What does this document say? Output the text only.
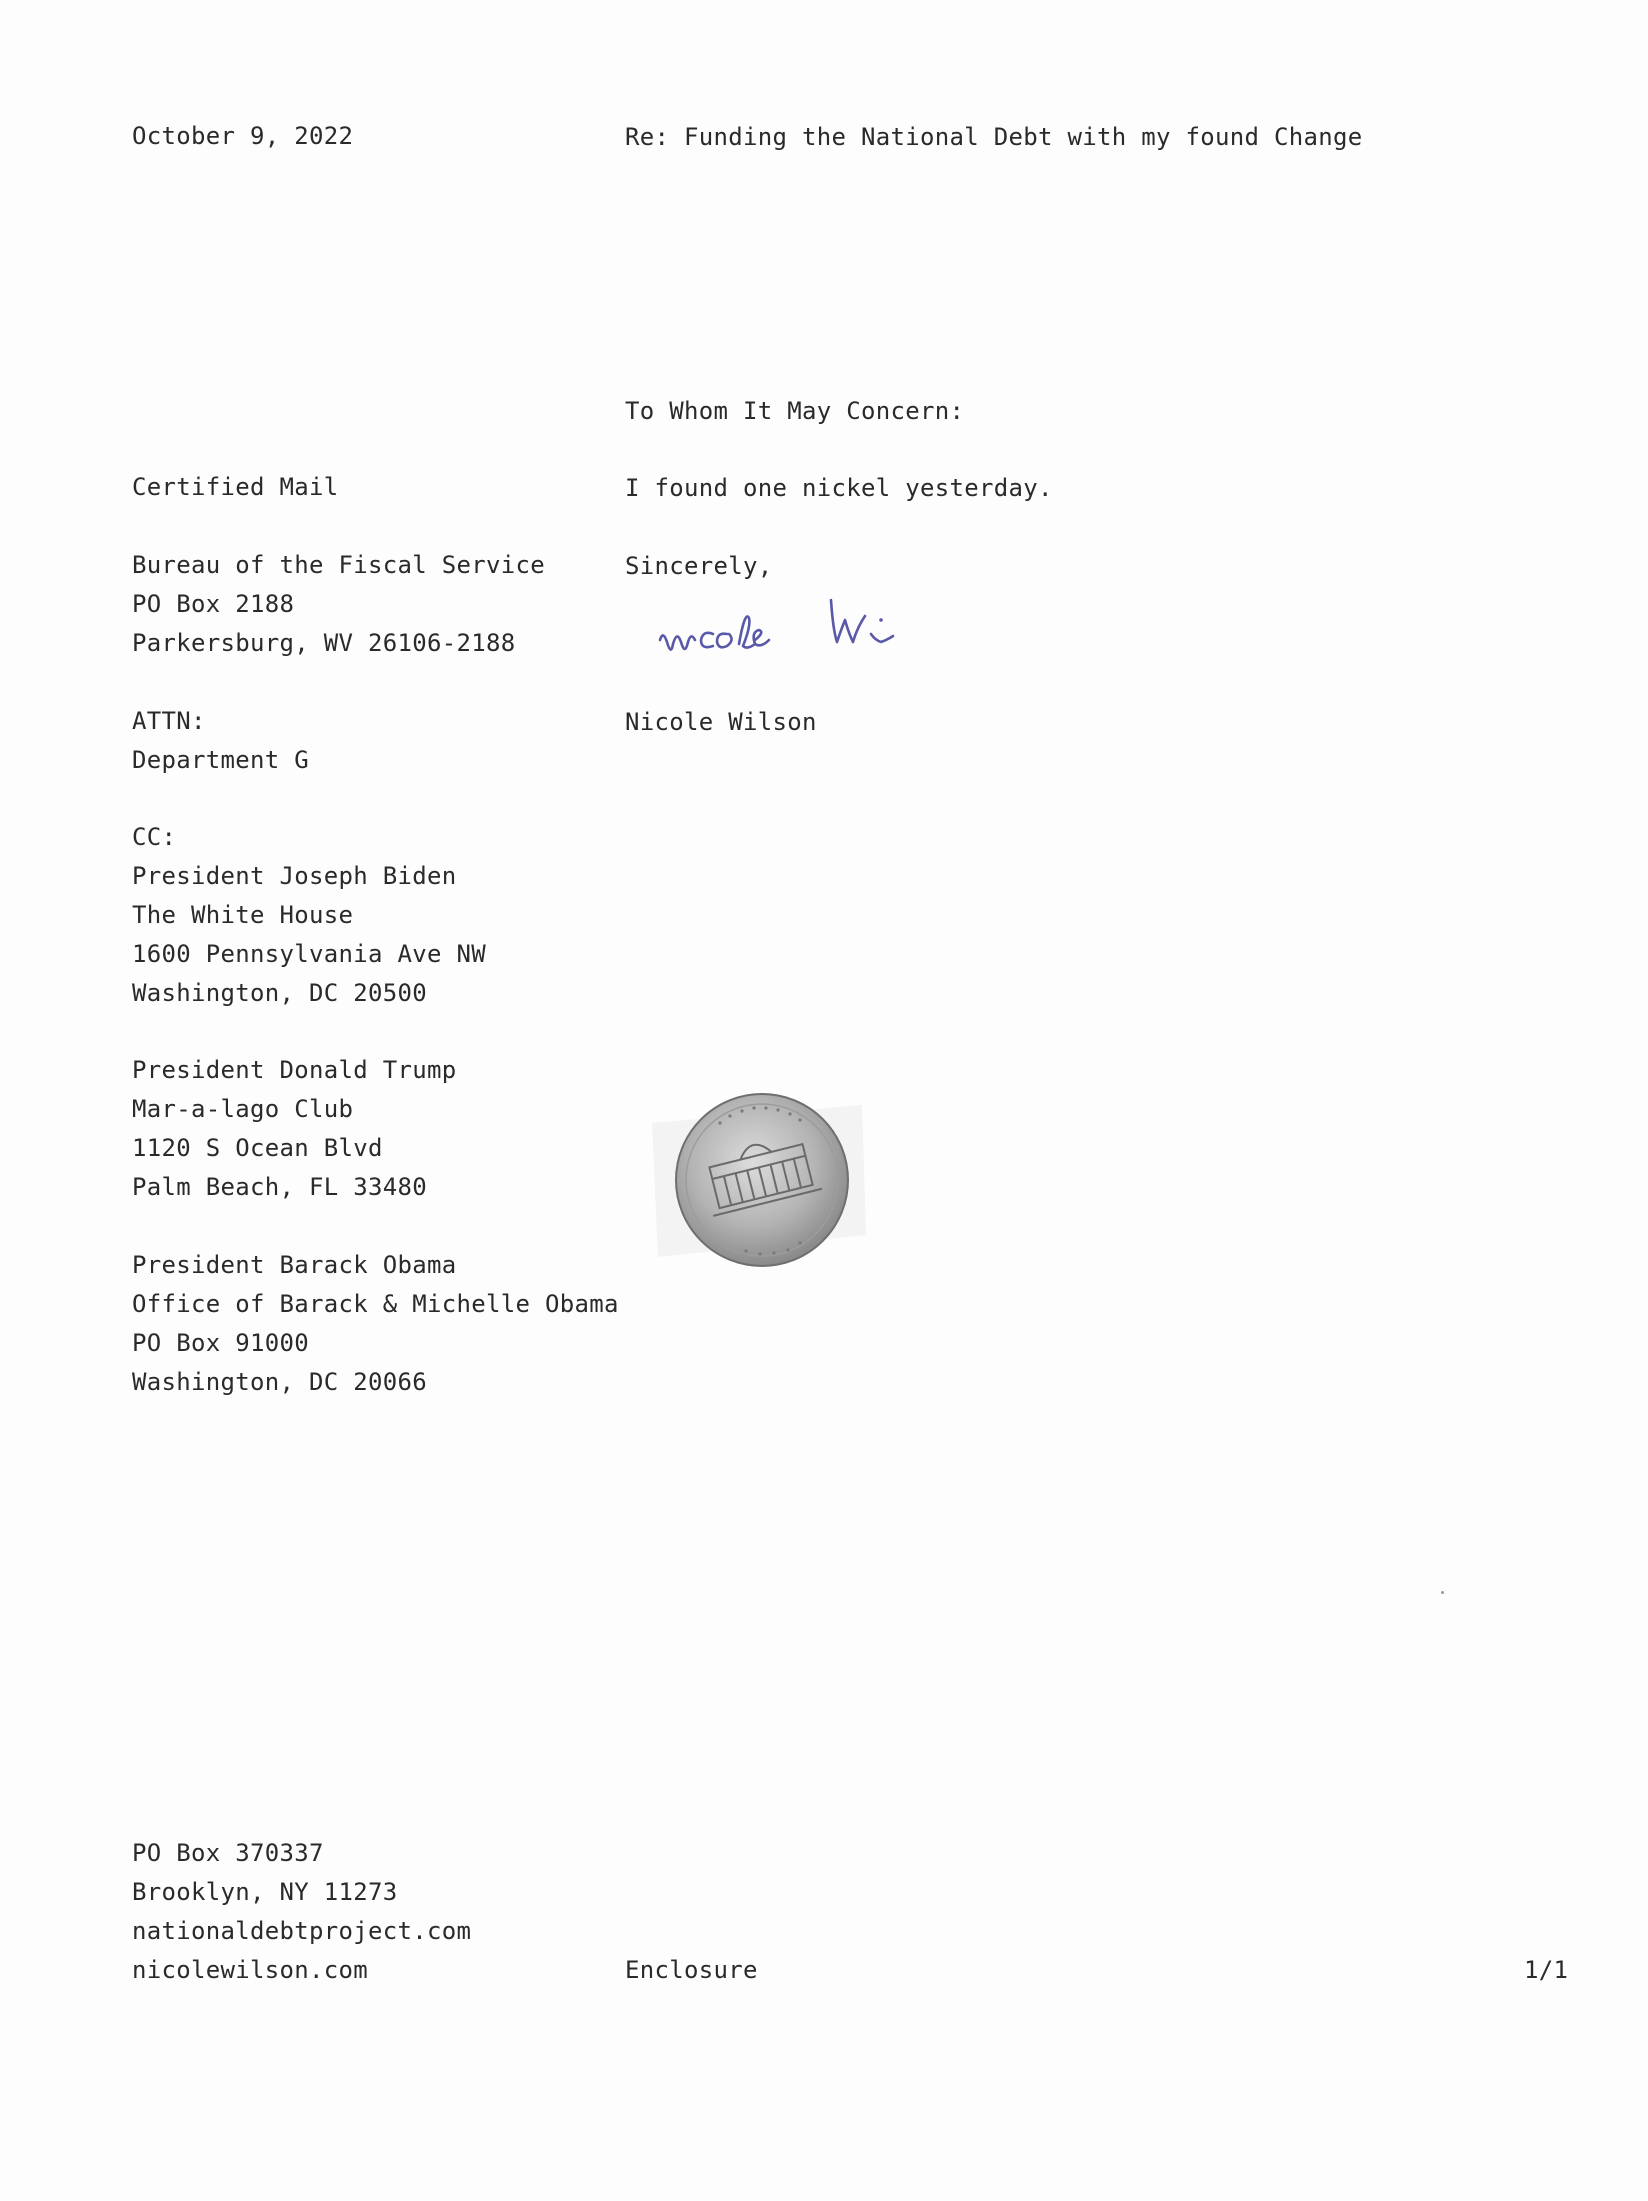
October 9, 2022	Re: Funding the National Debt with my found Change
To Whom It May Concern:
I found one nickel yesterday.
Sincerely,
Nicole Wilson
Certified Mail
Bureau of the Fiscal Service
PO Box 2188
Parkersburg, WV 26106-2188
ATTN:
Department G
CC:
President Joseph Biden
The White House
1600 Pennsylvania Ave NW
Washington, DC 20500
President Donald Trump
Mar-a-lago Club
1120 S Ocean Blvd
Palm Beach, FL 33480
President Barack Obama
Office of Barack & Michelle Obama
PO Box 91000
Washington, DC 20066
PO Box 370337
Brooklyn, NY 11273
nationaldebtproject.com
nicolewilson.com	Enclosure	1/1
